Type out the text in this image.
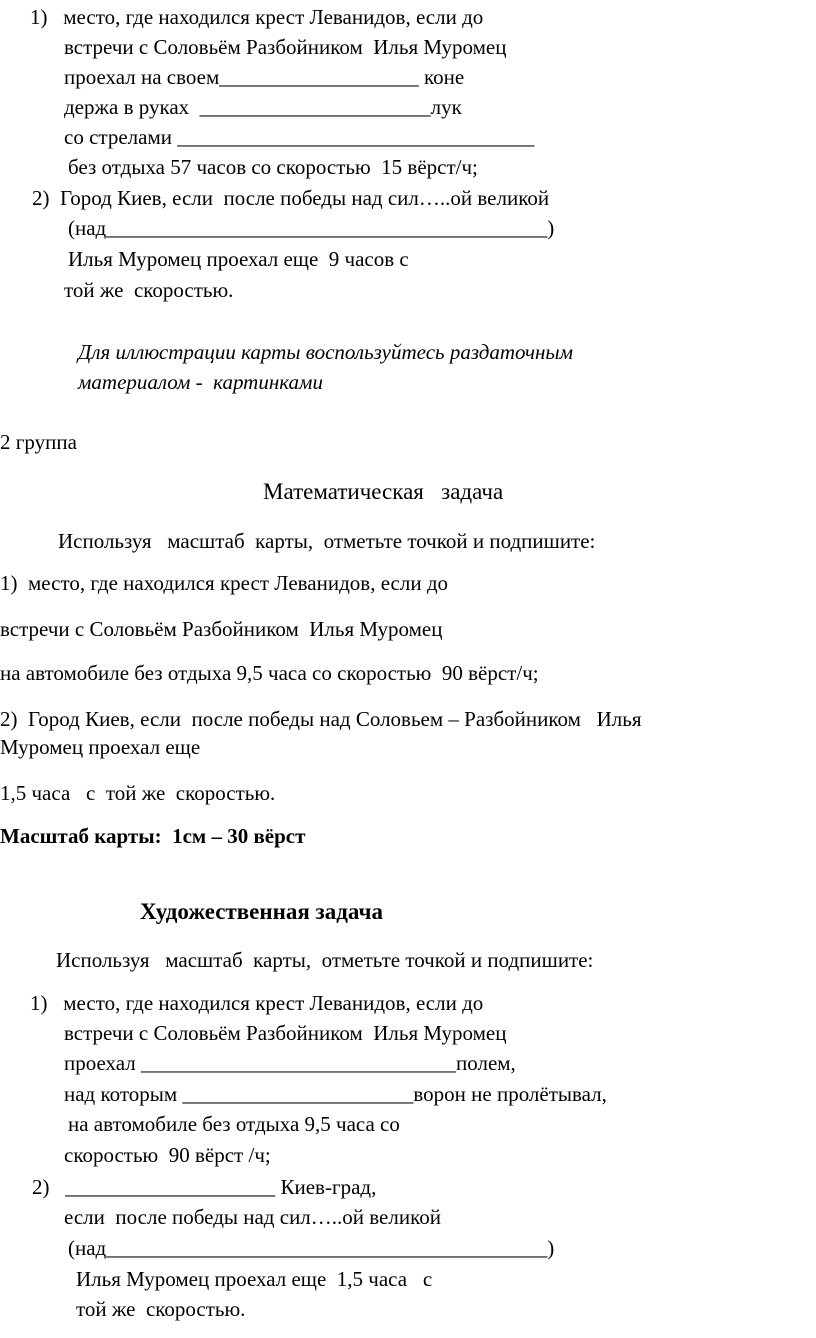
1)   место, где находился крест Леванидов, если до
встречи с Соловьём Разбойником  Илья Муромец
проехал на своем___________________ коне
держа в руках  ______________________лук
со стрелами __________________________________
без отдыха 57 часов со скоростью  15 вёрст/ч;
2)  Город Киев, если  после победы над сил…..ой великой
(над__________________________________________)
Илья Муромец проехал еще  9 часов с
той же  скоростью.
Для иллюстрации карты воспользуйтесь раздаточным
материалом -  картинками
2 группа
Математическая   задача
Используя   масштаб  карты,  отметьте точкой и подпишите:
1)  место, где находился крест Леванидов, если до
встречи с Соловьём Разбойником  Илья Муромец
на автомобиле без отдыха 9,5 часа со скоростью  90 вёрст/ч;
2)  Город Киев, если  после победы над Соловьем – Разбойником   Илья
Муромец проехал еще
1,5 часа   с  той же  скоростью.
Масштаб карты:  1см – 30 вёрст
Художественная задача
Используя   масштаб  карты,  отметьте точкой и подпишите:
1)   место, где находился крест Леванидов, если до
встречи с Соловьём Разбойником  Илья Муромец
проехал ______________________________полем,
над которым ______________________ворон не пролётывал,
на автомобиле без отдыха 9,5 часа со
скоростью  90 вёрст /ч;
2)   ____________________ Киев-град,
если  после победы над сил…..ой великой
(над__________________________________________)
Илья Муромец проехал еще  1,5 часа   с
той же  скоростью.
